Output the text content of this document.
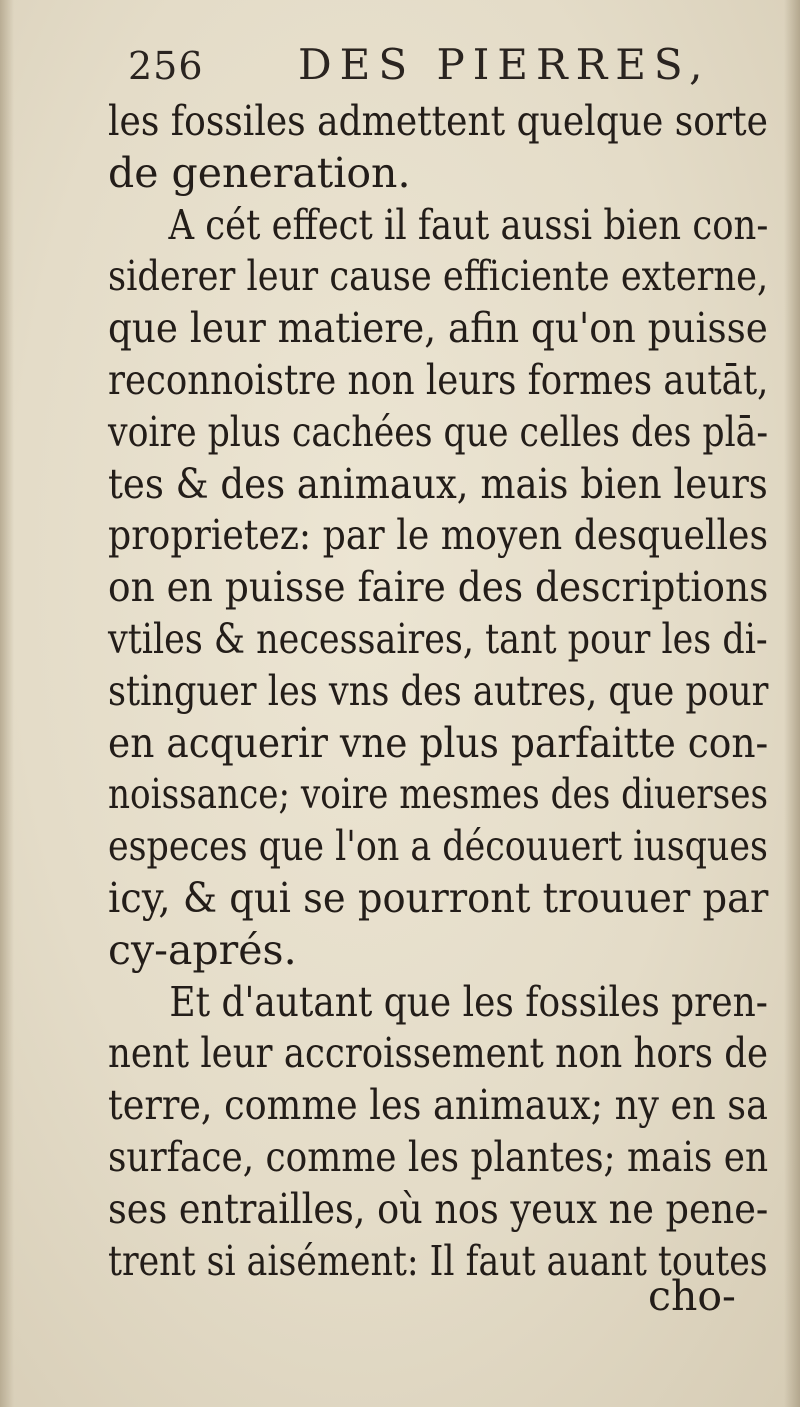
256 DES PIERRES,
les fossiles admettent quelque sorte
de generation.
A cét effect il faut aussi bien con-
siderer leur cause efficiente externe,
que leur matiere, afin qu'on puisse
reconnoistre non leurs formes autāt,
voire plus cachées que celles des plā-
tes & des animaux, mais bien leurs
proprietez: par le moyen desquelles
on en puisse faire des descriptions
vtiles & necessaires, tant pour les di-
stinguer les vns des autres, que pour
en acquerir vne plus parfaitte con-
noissance; voire mesmes des diuerses
especes que l'on a découuert iusques
icy, & qui se pourront trouuer par
cy-aprés.
Et d'autant que les fossiles pren-
nent leur accroissement non hors de
terre, comme les animaux; ny en sa
surface, comme les plantes; mais en
ses entrailles, où nos yeux ne pene-
trent si aisément: Il faut auant toutes
cho-
